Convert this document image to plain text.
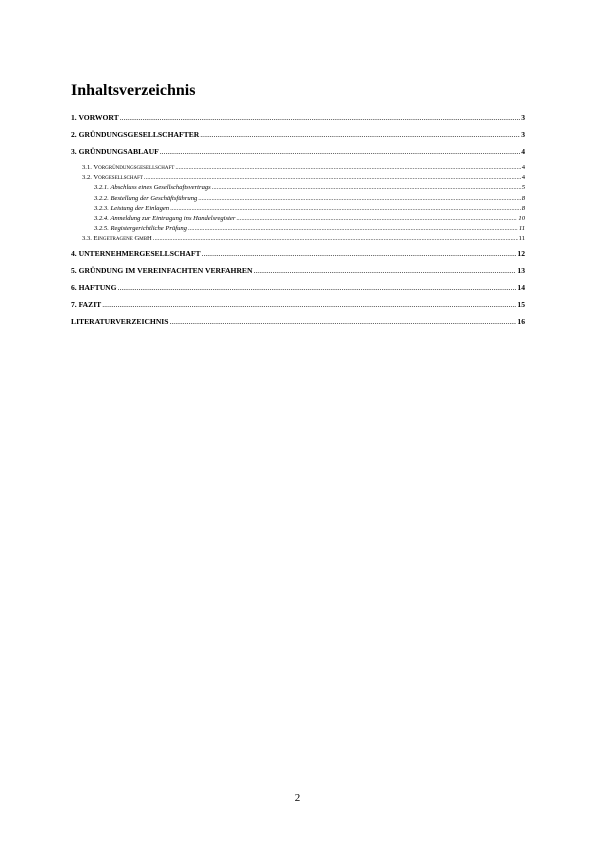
Inhaltsverzeichnis
1. VORWORT .....	3
2. GRÜNDUNGSGESELLSCHAFTER .....	3
3. GRÜNDUNGSABLAUF .....	4
3.1. Vorgründungsgesellschaft .....	4
3.2. Vorgesellschaft .....	4
3.2.1. Abschluss eines Gesellschaftsvertrags .....	5
3.2.2. Bestellung der Geschäftsführung .....	8
3.2.3. Leistung der Einlagen .....	8
3.2.4. Anmeldung zur Eintragung ins Handelsregister .....	10
3.2.5. Registergerichtliche Prüfung .....	11
3.3. Eingetragene GmbH .....	11
4. UNTERNEHMERGESELLSCHAFT .....	12
5. GRÜNDUNG IM VEREINFACHTEN VERFAHREN .....	13
6. HAFTUNG .....	14
7. FAZIT .....	15
LITERATURVERZEICHNIS .....	16
2
